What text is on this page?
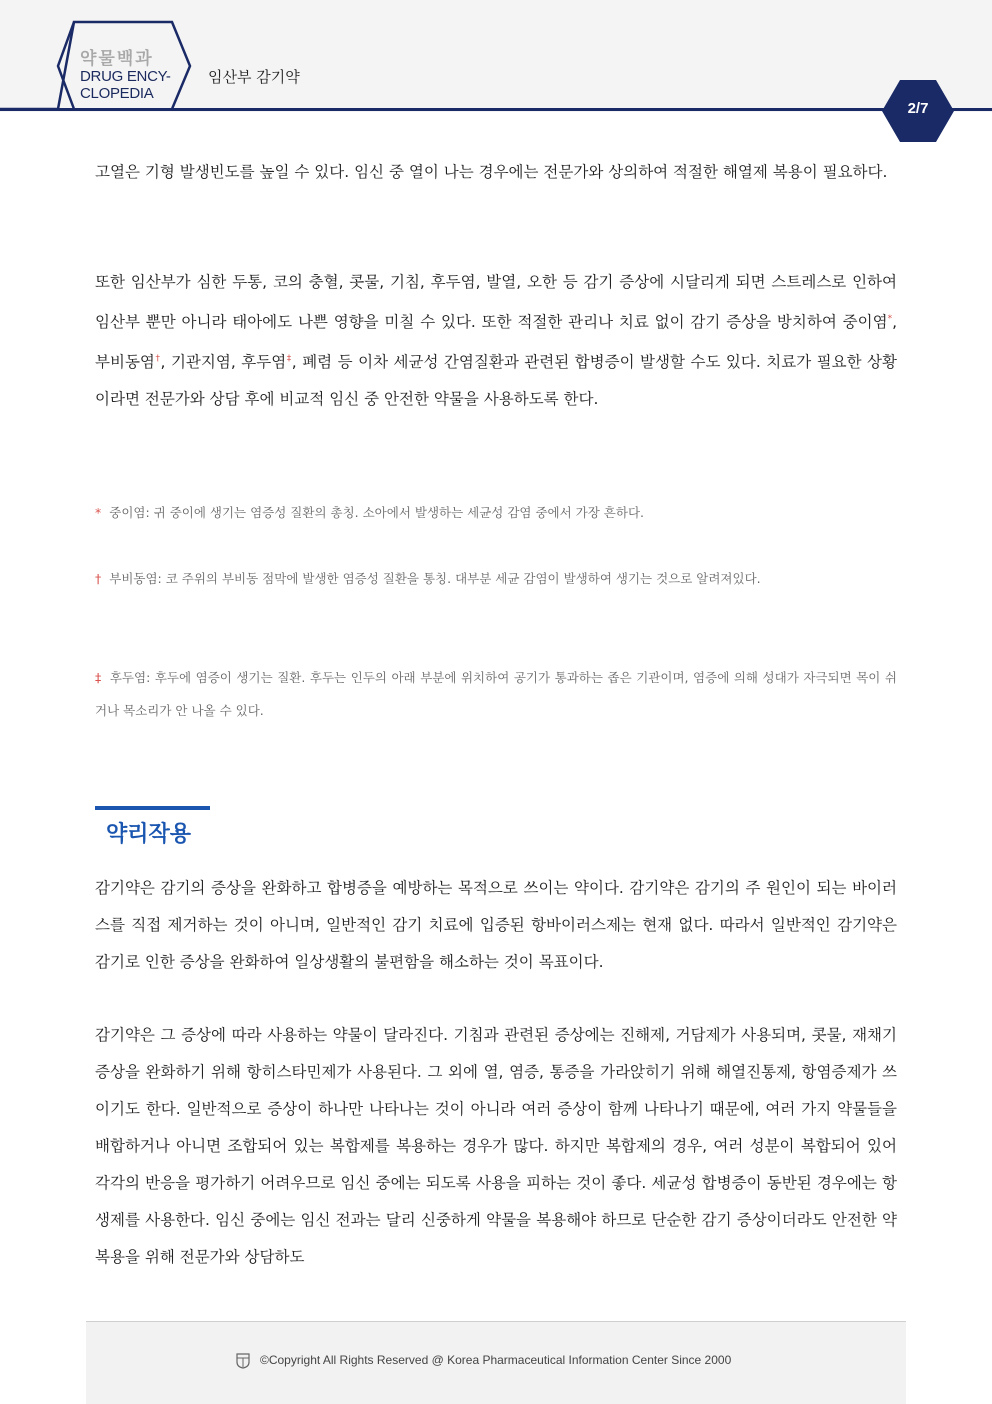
약물백과
DRUG ENCY-
CLOPEDIA
임산부 감기약
2/7
고열은 기형 발생빈도를 높일 수 있다. 임신 중 열이 나는 경우에는 전문가와 상의하여 적절한 해열제 복용이 필요하다.
또한 임산부가 심한 두통, 코의 충혈, 콧물, 기침, 후두염, 발열, 오한 등 감기 증상에 시달리게 되면 스트레스로 인하여 임산부 뿐만 아니라 태아에도 나쁜 영향을 미칠 수 있다. 또한 적절한 관리나 치료 없이 감기 증상을 방치하여 중이염*, 부비동염†, 기관지염, 후두염‡, 폐렴 등 이차 세균성 간염질환과 관련된 합병증이 발생할 수도 있다. 치료가 필요한 상황이라면 전문가와 상담 후에 비교적 임신 중 안전한 약물을 사용하도록 한다.
* 중이염: 귀 중이에 생기는 염증성 질환의 총칭. 소아에서 발생하는 세균성 감염 중에서 가장 흔하다.
† 부비동염: 코 주위의 부비동 점막에 발생한 염증성 질환을 통칭. 대부분 세균 감염이 발생하여 생기는 것으로 알려져있다.
‡ 후두염: 후두에 염증이 생기는 질환. 후두는 인두의 아래 부분에 위치하여 공기가 통과하는 좁은 기관이며, 염증에 의해 성대가 자극되면 목이 쉬거나 목소리가 안 나올 수 있다.
약리작용
감기약은 감기의 증상을 완화하고 합병증을 예방하는 목적으로 쓰이는 약이다. 감기약은 감기의 주 원인이 되는 바이러스를 직접 제거하는 것이 아니며, 일반적인 감기 치료에 입증된 항바이러스제는 현재 없다. 따라서 일반적인 감기약은 감기로 인한 증상을 완화하여 일상생활의 불편함을 해소하는 것이 목표이다.
감기약은 그 증상에 따라 사용하는 약물이 달라진다. 기침과 관련된 증상에는 진해제, 거담제가 사용되며, 콧물, 재채기 증상을 완화하기 위해 항히스타민제가 사용된다. 그 외에 열, 염증, 통증을 가라앉히기 위해 해열진통제, 항염증제가 쓰이기도 한다. 일반적으로 증상이 하나만 나타나는 것이 아니라 여러 증상이 함께 나타나기 때문에, 여러 가지 약물들을 배합하거나 아니면 조합되어 있는 복합제를 복용하는 경우가 많다. 하지만 복합제의 경우, 여러 성분이 복합되어 있어 각각의 반응을 평가하기 어려우므로 임신 중에는 되도록 사용을 피하는 것이 좋다. 세균성 합병증이 동반된 경우에는 항생제를 사용한다. 임신 중에는 임신 전과는 달리 신중하게 약물을 복용해야 하므로 단순한 감기 증상이더라도 안전한 약 복용을 위해 전문가와 상담하도
©Copyright All Rights Reserved @ Korea Pharmaceutical Information Center Since 2000
